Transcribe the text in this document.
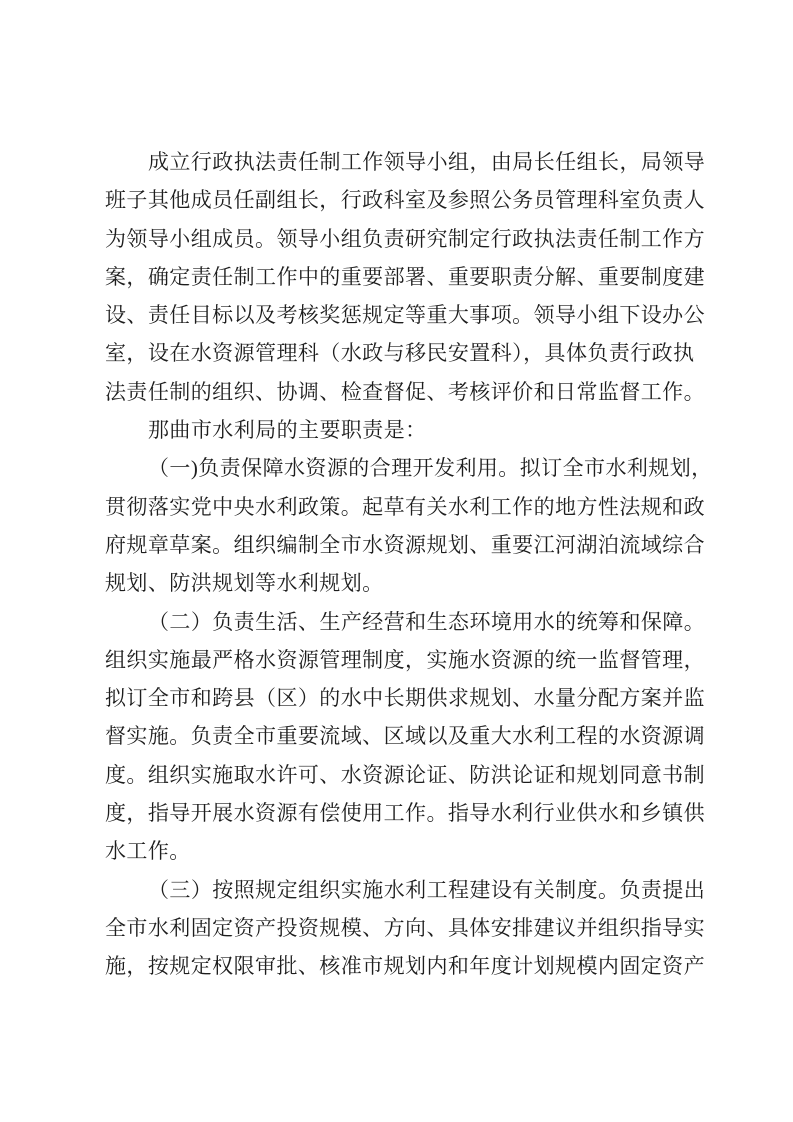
成立行政执法责任制工作领导小组，由局长任组长，局领导
班子其他成员任副组长，行政科室及参照公务员管理科室负责人
为领导小组成员。领导小组负责研究制定行政执法责任制工作方
案，确定责任制工作中的重要部署、重要职责分解、重要制度建
设、责任目标以及考核奖惩规定等重大事项。领导小组下设办公
室，设在水资源管理科（水政与移民安置科），具体负责行政执
法责任制的组织、协调、检查督促、考核评价和日常监督工作。
那曲市水利局的主要职责是：
（一)负责保障水资源的合理开发利用。拟订全市水利规划，
贯彻落实党中央水利政策。起草有关水利工作的地方性法规和政
府规章草案。组织编制全市水资源规划、重要江河湖泊流域综合
规划、防洪规划等水利规划。
（二）负责生活、生产经营和生态环境用水的统筹和保障。
组织实施最严格水资源管理制度，实施水资源的统一监督管理，
拟订全市和跨县（区）的水中长期供求规划、水量分配方案并监
督实施。负责全市重要流域、区域以及重大水利工程的水资源调
度。组织实施取水许可、水资源论证、防洪论证和规划同意书制
度，指导开展水资源有偿使用工作。指导水利行业供水和乡镇供
水工作。
（三）按照规定组织实施水利工程建设有关制度。负责提出
全市水利固定资产投资规模、方向、具体安排建议并组织指导实
施，按规定权限审批、核准市规划内和年度计划规模内固定资产
